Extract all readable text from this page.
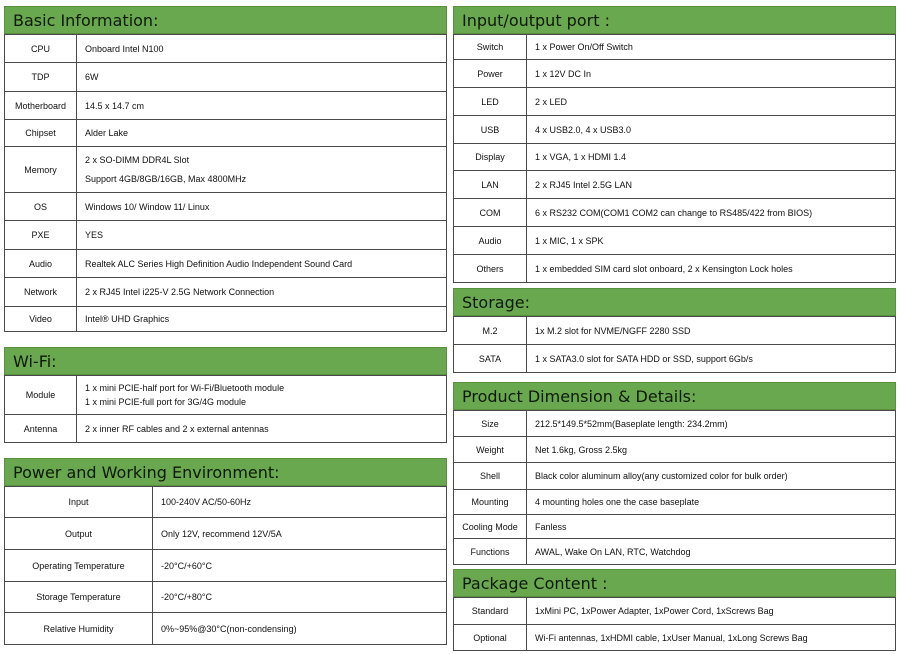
Basic Information:
CPU	Onboard Intel N100
TDP	6W
Motherboard	14.5 x 14.7 cm
Chipset	Alder Lake
Memory	2 x SO-DIMM DDR4L Slot
Support 4GB/8GB/16GB, Max 4800MHz

OS	Windows 10/ Window 11/ Linux
PXE	YES
Audio	Realtek ALC Series High Definition Audio Independent Sound Card
Network	2 x RJ45 Intel i225-V 2.5G Network Connection
Video	Intel® UHD Graphics
Wi-Fi:
Module	1 x mini PCIE-half port for Wi-Fi/Bluetooth module
1 x mini PCIE-full port for 3G/4G module

Antenna	2 x inner RF cables and 2 x external antennas
Power and Working Environment:
Input	100-240V AC/50-60Hz
Output	Only 12V, recommend 12V/5A
Operating Temperature	-20°C/+60°C
Storage Temperature	-20°C/+80°C
Relative Humidity	0%~95%@30°C(non-condensing)
Input/output port :
Switch	1 x Power On/Off Switch
Power	1 x 12V DC In
LED	2 x LED
USB	4 x USB2.0, 4 x USB3.0
Display	1 x VGA, 1 x HDMI 1.4
LAN	2 x RJ45 Intel 2.5G LAN
COM	6 x RS232 COM(COM1 COM2 can change to RS485/422 from BIOS)
Audio	1 x MIC, 1 x SPK
Others	1 x embedded SIM card slot onboard, 2 x Kensington Lock holes
Storage:
M.2	1x M.2 slot for NVME/NGFF 2280 SSD
SATA	1 x SATA3.0 slot for SATA HDD or SSD, support 6Gb/s
Product Dimension & Details:
Size	212.5*149.5*52mm(Baseplate length: 234.2mm)
Weight	Net 1.6kg, Gross 2.5kg
Shell	Black color aluminum alloy(any customized color for bulk order)
Mounting	4 mounting holes one the case baseplate
Cooling Mode	Fanless
Functions	AWAL, Wake On LAN, RTC, Watchdog
Package Content :
Standard	1xMini PC, 1xPower Adapter, 1xPower Cord, 1xScrews Bag
Optional	Wi-Fi antennas, 1xHDMI cable, 1xUser Manual, 1xLong Screws Bag
